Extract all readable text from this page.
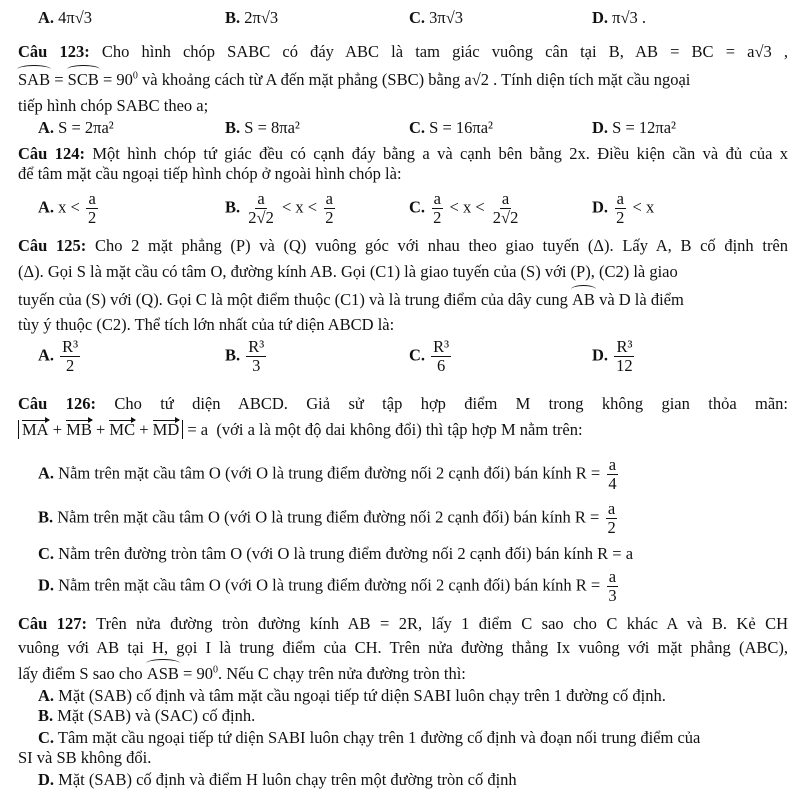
A. 4π√3	B. 2π√3	C. 3π√3	D. π√3 .
Câu 123: Cho hình chóp SABC có đáy ABC là tam giác vuông cân tại B, AB = BC = a√3 ,
SAB = SCB = $90^0$ và khoảng cách từ A đến mặt phẳng (SBC) bằng a√2 . Tính diện tích mặt cầu ngoại
tiếp hình chóp SABC theo a;
A. S = 2πa²	B. S = 8πa²	C. S = 16πa²	D. S = 12πa²
Câu 124: Một hình chóp tứ giác đều có cạnh đáy bằng a và cạnh bên bằng 2x. Điều kiện cần và đủ của x
để tâm mặt cầu ngoại tiếp hình chóp ở ngoài hình chóp là:
A. $x < \frac{a}{2}$	B. $\frac{a}{2√2} < x < \frac{a}{2}$	C. $\frac{a}{2} < x < \frac{a}{2√2}$	D. $\frac{a}{2} < x$
Câu 125: Cho 2 mặt phẳng (P) và (Q) vuông góc với nhau theo giao tuyến (Δ). Lấy A, B cố định trên
(Δ). Gọi S là mặt cầu có tâm O, đường kính AB. Gọi (C1) là giao tuyến của (S) với (P), (C2) là giao
tuyến của (S) với (Q). Gọi C là một điểm thuộc (C1) và là trung điểm của dây cung AB và D là điểm
tùy ý thuộc (C2). Thể tích lớn nhất của tứ diện ABCD là:
A. $\frac{\text{R³}}{2}$	B. $\frac{\text{R³}}{3}$	C. $\frac{\text{R³}}{6}$	D. $\frac{\text{R³}}{12}$
Câu 126: Cho tứ diện ABCD. Giả sử tập hợp điểm M trong không gian thỏa mãn:
MA + MB + MC + MD = a (với a là một độ dai không đổi) thì tập hợp M nằm trên:
A. Nằm trên mặt cầu tâm O (với O là trung điểm đường nối 2 cạnh đối) bán kính $R = \frac{a}{4}$
B. Nằm trên mặt cầu tâm O (với O là trung điểm đường nối 2 cạnh đối) bán kính $R = \frac{a}{2}$
C. Nằm trên đường tròn tâm O (với O là trung điểm đường nối 2 cạnh đối) bán kính R = a
D. Nằm trên mặt cầu tâm O (với O là trung điểm đường nối 2 cạnh đối) bán kính $R = \frac{a}{3}$
Câu 127: Trên nửa đường tròn đường kính AB = 2R, lấy 1 điểm C sao cho C khác A và B. Kẻ CH
vuông với AB tại H, gọi I là trung điểm của CH. Trên nửa đường thẳng Ix vuông với mặt phẳng (ABC),
lấy điểm S sao cho ASB = $90^0$. Nếu C chạy trên nửa đường tròn thì:
A. Mặt (SAB) cố định và tâm mặt cầu ngoại tiếp tứ diện SABI luôn chạy trên 1 đường cố định.
B. Mặt (SAB) và (SAC) cố định.
C. Tâm mặt cầu ngoại tiếp tứ diện SABI luôn chạy trên 1 đường cố định và đoạn nối trung điểm của
SI và SB không đổi.
D. Mặt (SAB) cố định và điểm H luôn chạy trên một đường tròn cố định
